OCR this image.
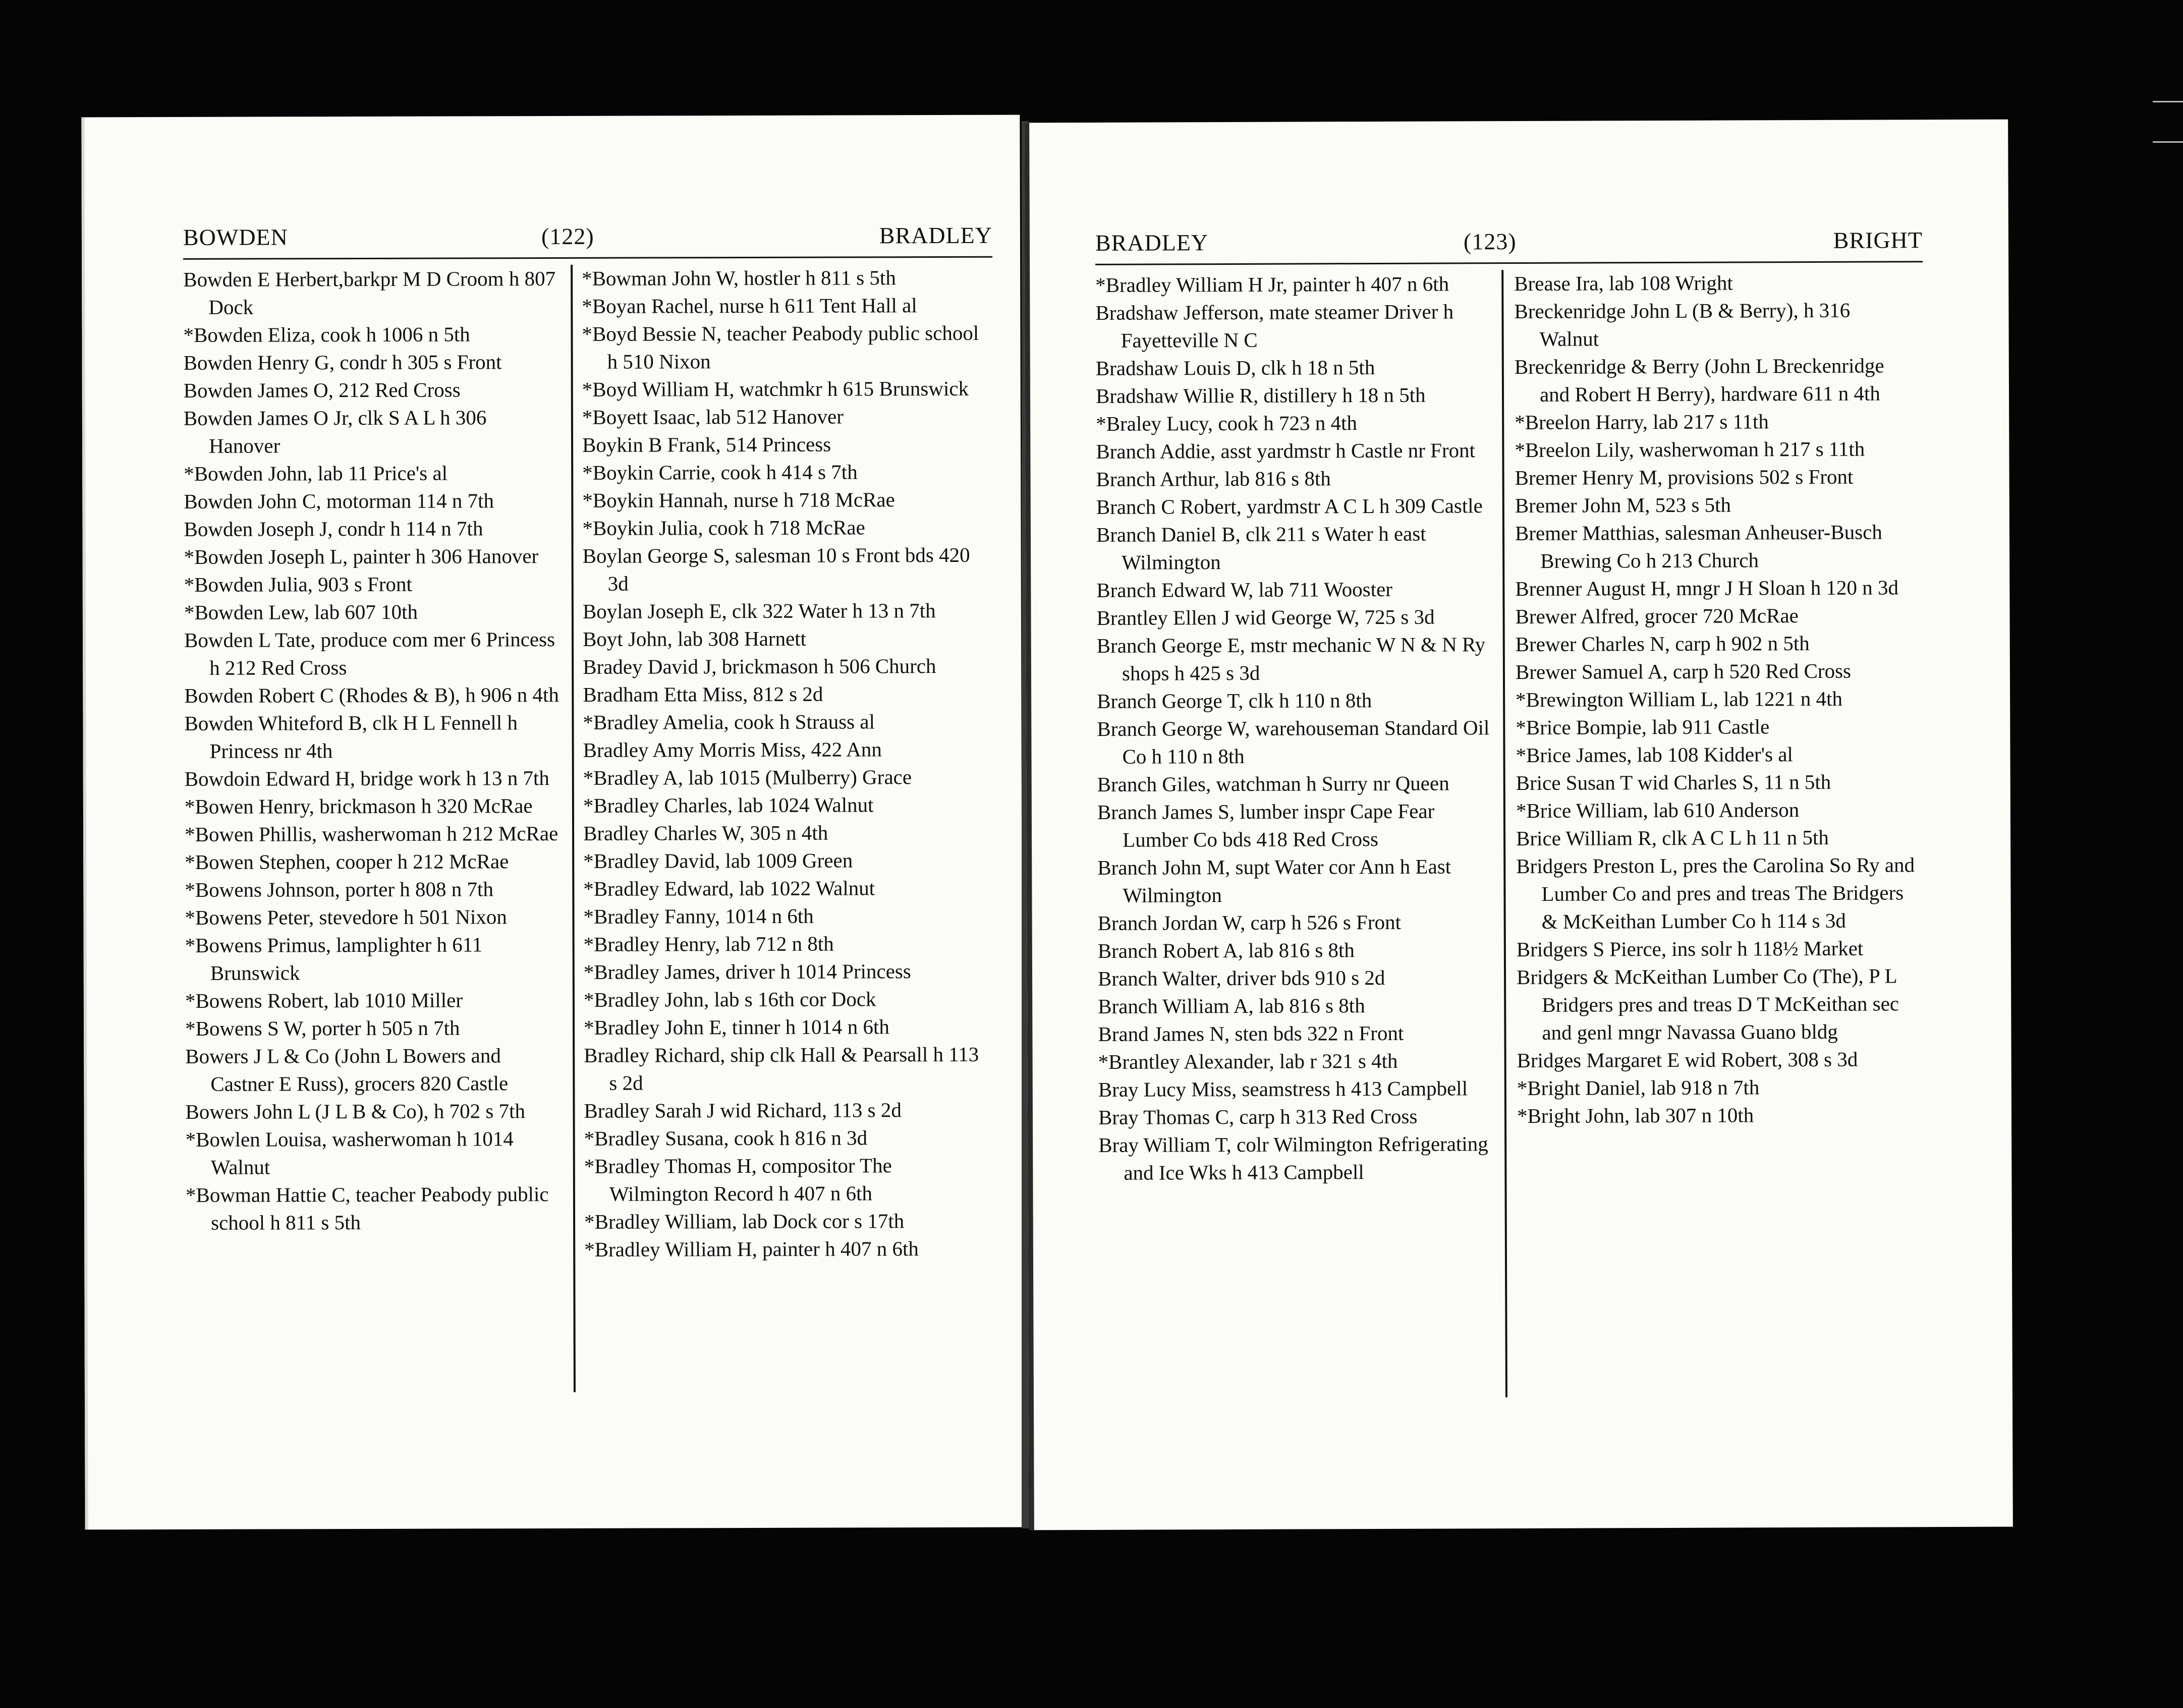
BOWDEN	(122)	BRADLEY
Bowden E Herbert,barkpr M D Croom h 807 Dock
*Bowden Eliza, cook h 1006 n 5th
Bowden Henry G, condr h 305 s Front
Bowden James O, 212 Red Cross
Bowden James O Jr, clk S A L h 306 Hanover
*Bowden John, lab 11 Price's al
Bowden John C, motorman 114 n 7th
Bowden Joseph J, condr h 114 n 7th
*Bowden Joseph L, painter h 306 Hanover
*Bowden Julia, 903 s Front
*Bowden Lew, lab 607 10th
Bowden L Tate, produce com mer 6 Princess h 212 Red Cross
Bowden Robert C (Rhodes & B), h 906 n 4th
Bowden Whiteford B, clk H L Fennell h Princess nr 4th
Bowdoin Edward H, bridge work h 13 n 7th
*Bowen Henry, brickmason h 320 McRae
*Bowen Phillis, washerwoman h 212 McRae
*Bowen Stephen, cooper h 212 McRae
*Bowens Johnson, porter h 808 n 7th
*Bowens Peter, stevedore h 501 Nixon
*Bowens Primus, lamplighter h 611 Brunswick
*Bowens Robert, lab 1010 Miller
*Bowens S W, porter h 505 n 7th
Bowers J L & Co (John L Bowers and Castner E Russ), grocers 820 Castle
Bowers John L (J L B & Co), h 702 s 7th
*Bowlen Louisa, washerwoman h 1014 Walnut
*Bowman Hattie C, teacher Peabody public school h 811 s 5th
*Bowman John W, hostler h 811 s 5th
*Boyan Rachel, nurse h 611 Tent Hall al
*Boyd Bessie N, teacher Peabody public school h 510 Nixon
*Boyd William H, watchmkr h 615 Brunswick
*Boyett Isaac, lab 512 Hanover
Boykin B Frank, 514 Princess
*Boykin Carrie, cook h 414 s 7th
*Boykin Hannah, nurse h 718 McRae
*Boykin Julia, cook h 718 McRae
Boylan George S, salesman 10 s Front bds 420 3d
Boylan Joseph E, clk 322 Water h 13 n 7th
Boyt John, lab 308 Harnett
Bradey David J, brickmason h 506 Church
Bradham Etta Miss, 812 s 2d
*Bradley Amelia, cook h Strauss al
Bradley Amy Morris Miss, 422 Ann
*Bradley A, lab 1015 (Mulberry) Grace
*Bradley Charles, lab 1024 Walnut
Bradley Charles W, 305 n 4th
*Bradley David, lab 1009 Green
*Bradley Edward, lab 1022 Walnut
*Bradley Fanny, 1014 n 6th
*Bradley Henry, lab 712 n 8th
*Bradley James, driver h 1014 Princess
*Bradley John, lab s 16th cor Dock
*Bradley John E, tinner h 1014 n 6th
Bradley Richard, ship clk Hall & Pearsall h 113 s 2d
Bradley Sarah J wid Richard, 113 s 2d
*Bradley Susana, cook h 816 n 3d
*Bradley Thomas H, compositor The Wilmington Record h 407 n 6th
*Bradley William, lab Dock cor s 17th
*Bradley William H, painter h 407 n 6th
BRADLEY	(123)	BRIGHT
*Bradley William H Jr, painter h 407 n 6th
Bradshaw Jefferson, mate steamer Driver h Fayetteville N C
Bradshaw Louis D, clk h 18 n 5th
Bradshaw Willie R, distillery h 18 n 5th
*Braley Lucy, cook h 723 n 4th
Branch Addie, asst yardmstr h Castle nr Front
Branch Arthur, lab 816 s 8th
Branch C Robert, yardmstr A C L h 309 Castle
Branch Daniel B, clk 211 s Water h east Wilmington
Branch Edward W, lab 711 Wooster
Brantley Ellen J wid George W, 725 s 3d
Branch George E, mstr mechanic W N & N Ry shops h 425 s 3d
Branch George T, clk h 110 n 8th
Branch George W, warehouseman Standard Oil Co h 110 n 8th
Branch Giles, watchman h Surry nr Queen
Branch James S, lumber inspr Cape Fear Lumber Co bds 418 Red Cross
Branch John M, supt Water cor Ann h East Wilmington
Branch Jordan W, carp h 526 s Front
Branch Robert A, lab 816 s 8th
Branch Walter, driver bds 910 s 2d
Branch William A, lab 816 s 8th
Brand James N, sten bds 322 n Front
*Brantley Alexander, lab r 321 s 4th
Bray Lucy Miss, seamstress h 413 Campbell
Bray Thomas C, carp h 313 Red Cross
Bray William T, colr Wilmington Refrigerating and Ice Wks h 413 Campbell
Brease Ira, lab 108 Wright
Breckenridge John L (B & Berry), h 316 Walnut
Breckenridge & Berry (John L Breckenridge and Robert H Berry), hardware 611 n 4th
*Breelon Harry, lab 217 s 11th
*Breelon Lily, washerwoman h 217 s 11th
Bremer Henry M, provisions 502 s Front
Bremer John M, 523 s 5th
Bremer Matthias, salesman Anheuser-Busch Brewing Co h 213 Church
Brenner August H, mngr J H Sloan h 120 n 3d
Brewer Alfred, grocer 720 McRae
Brewer Charles N, carp h 902 n 5th
Brewer Samuel A, carp h 520 Red Cross
*Brewington William L, lab 1221 n 4th
*Brice Bompie, lab 911 Castle
*Brice James, lab 108 Kidder's al
Brice Susan T wid Charles S, 11 n 5th
*Brice William, lab 610 Anderson
Brice William R, clk A C L h 11 n 5th
Bridgers Preston L, pres the Carolina So Ry and Lumber Co and pres and treas The Bridgers & McKeithan Lumber Co h 114 s 3d
Bridgers S Pierce, ins solr h 118½ Market
Bridgers & McKeithan Lumber Co (The), P L Bridgers pres and treas D T McKeithan sec and genl mngr Navassa Guano bldg
Bridges Margaret E wid Robert, 308 s 3d
*Bright Daniel, lab 918 n 7th
*Bright John, lab 307 n 10th
